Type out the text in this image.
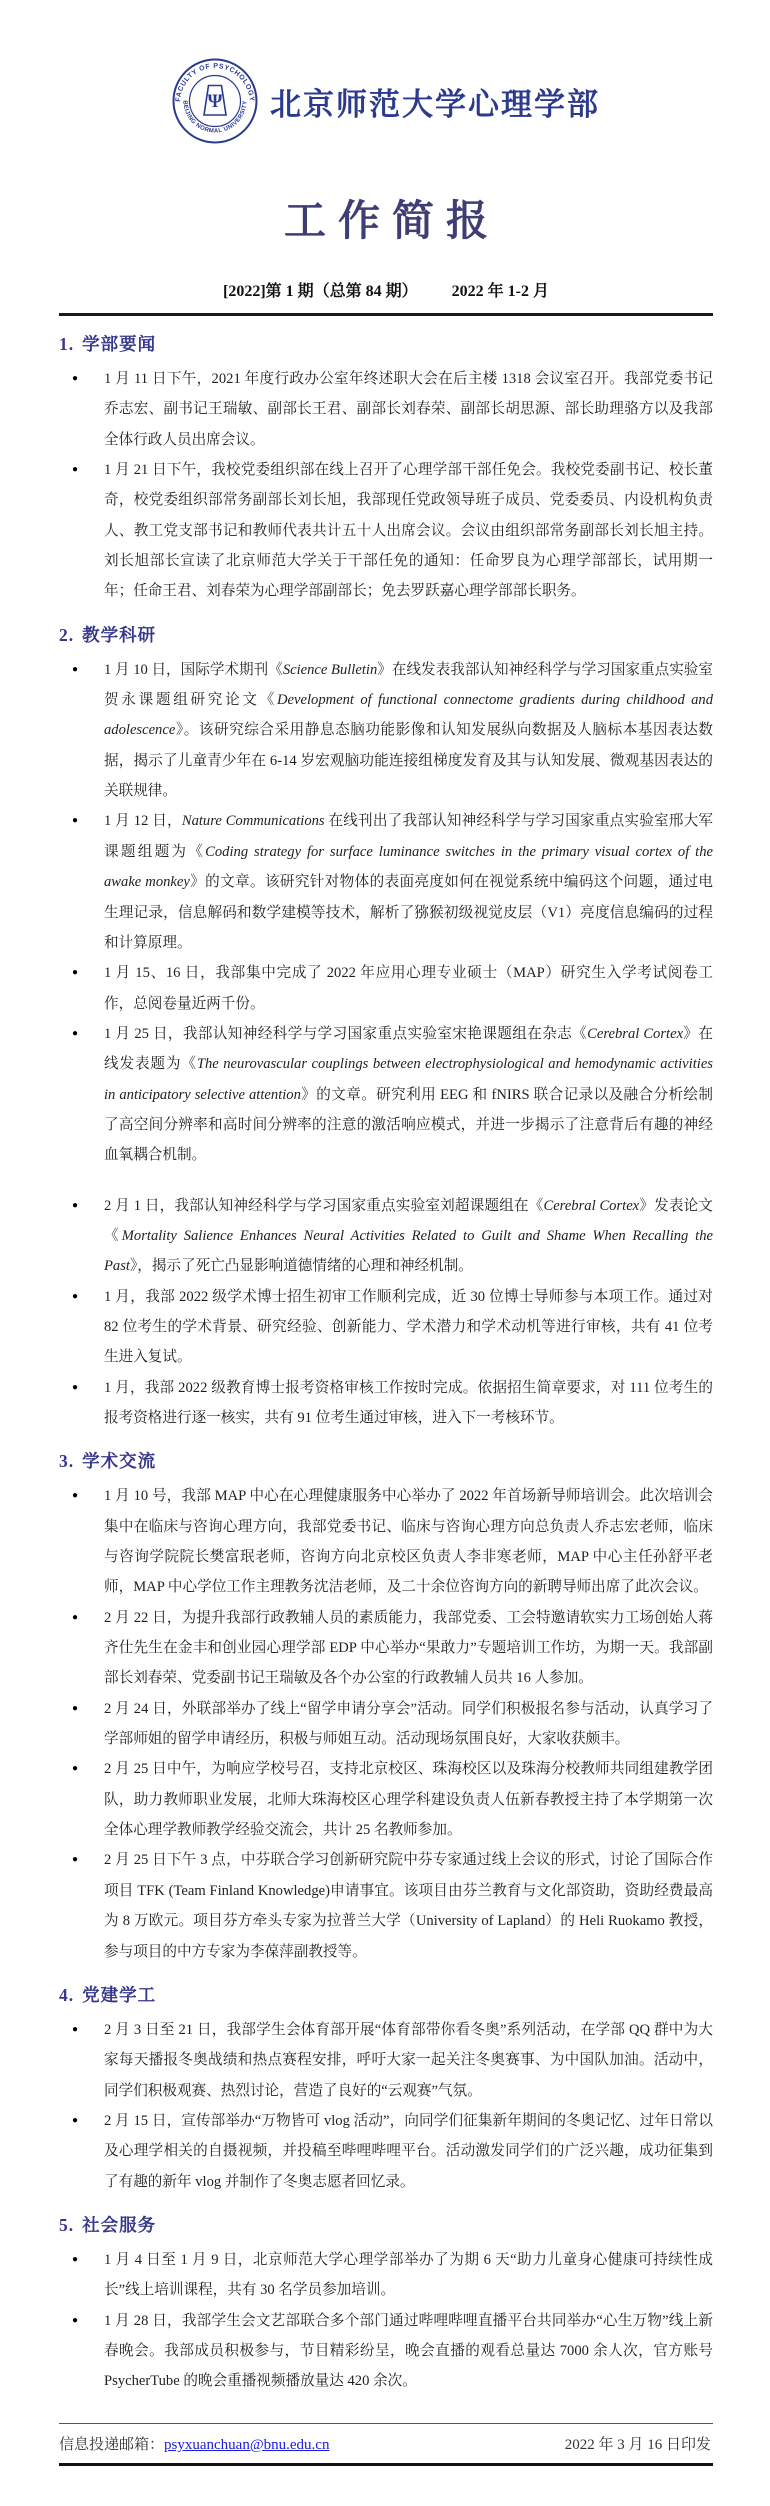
FACULTY OF PSYCHOLOGY
BEIJING NORMAL UNIVERSITY
Ψ 北京师范大学心理学部
工作简报
[2022]第 1 期（总第 84 期） 2022 年 1-2 月
1. 学部要闻
● 1 月 11 日下午，2021 年度行政办公室年终述职大会在后主楼 1318 会议室召开。我部党委书记乔志宏、副书记王瑞敏、副部长王君、副部长刘春荣、副部长胡思源、部长助理骆方以及我部全体行政人员出席会议。
● 1 月 21 日下午，我校党委组织部在线上召开了心理学部干部任免会。我校党委副书记、校长董奇，校党委组织部常务副部长刘长旭，我部现任党政领导班子成员、党委委员、内设机构负责人、教工党支部书记和教师代表共计五十人出席会议。会议由组织部常务副部长刘长旭主持。刘长旭部长宣读了北京师范大学关于干部任免的通知：任命罗良为心理学部部长，试用期一年；任命王君、刘春荣为心理学部副部长；免去罗跃嘉心理学部部长职务。
2. 教学科研
● 1 月 10 日，国际学术期刊《Science Bulletin》在线发表我部认知神经科学与学习国家重点实验室贺永课题组研究论文《Development of functional connectome gradients during childhood and adolescence》。该研究综合采用静息态脑功能影像和认知发展纵向数据及人脑标本基因表达数据，揭示了儿童青少年在 6-14 岁宏观脑功能连接组梯度发育及其与认知发展、微观基因表达的关联规律。
● 1 月 12 日，Nature Communications 在线刊出了我部认知神经科学与学习国家重点实验室邢大军课题组题为《Coding strategy for surface luminance switches in the primary visual cortex of the awake monkey》的文章。该研究针对物体的表面亮度如何在视觉系统中编码这个问题，通过电生理记录，信息解码和数学建模等技术，解析了猕猴初级视觉皮层（V1）亮度信息编码的过程和计算原理。
● 1 月 15、16 日，我部集中完成了 2022 年应用心理专业硕士（MAP）研究生入学考试阅卷工作，总阅卷量近两千份。
● 1 月 25 日，我部认知神经科学与学习国家重点实验室宋艳课题组在杂志《Cerebral Cortex》在线发表题为《The neurovascular couplings between electrophysiological and hemodynamic activities in anticipatory selective attention》的文章。研究利用 EEG 和 fNIRS 联合记录以及融合分析绘制了高空间分辨率和高时间分辨率的注意的激活响应模式，并进一步揭示了注意背后有趣的神经血氧耦合机制。
● 2 月 1 日，我部认知神经科学与学习国家重点实验室刘超课题组在《Cerebral Cortex》发表论文《Mortality Salience Enhances Neural Activities Related to Guilt and Shame When Recalling the Past》，揭示了死亡凸显影响道德情绪的心理和神经机制。
● 1 月，我部 2022 级学术博士招生初审工作顺利完成，近 30 位博士导师参与本项工作。通过对 82 位考生的学术背景、研究经验、创新能力、学术潜力和学术动机等进行审核，共有 41 位考生进入复试。
● 1 月，我部 2022 级教育博士报考资格审核工作按时完成。依据招生简章要求，对 111 位考生的报考资格进行逐一核实，共有 91 位考生通过审核，进入下一考核环节。
3. 学术交流
● 1 月 10 号，我部 MAP 中心在心理健康服务中心举办了 2022 年首场新导师培训会。此次培训会集中在临床与咨询心理方向，我部党委书记、临床与咨询心理方向总负责人乔志宏老师，临床与咨询学院院长樊富珉老师，咨询方向北京校区负责人李非寒老师，MAP 中心主任孙舒平老师，MAP 中心学位工作主理教务沈洁老师，及二十余位咨询方向的新聘导师出席了此次会议。
● 2 月 22 日，为提升我部行政教辅人员的素质能力，我部党委、工会特邀请软实力工场创始人蒋齐仕先生在金丰和创业园心理学部 EDP 中心举办“果敢力”专题培训工作坊，为期一天。我部副部长刘春荣、党委副书记王瑞敏及各个办公室的行政教辅人员共 16 人参加。
● 2 月 24 日，外联部举办了线上“留学申请分享会”活动。同学们积极报名参与活动，认真学习了学部师姐的留学申请经历，积极与师姐互动。活动现场氛围良好，大家收获颇丰。
● 2 月 25 日中午，为响应学校号召，支持北京校区、珠海校区以及珠海分校教师共同组建教学团队，助力教师职业发展，北师大珠海校区心理学科建设负责人伍新春教授主持了本学期第一次全体心理学教师教学经验交流会，共计 25 名教师参加。
● 2 月 25 日下午 3 点，中芬联合学习创新研究院中芬专家通过线上会议的形式，讨论了国际合作项目 TFK (Team Finland Knowledge)申请事宜。该项目由芬兰教育与文化部资助，资助经费最高为 8 万欧元。项目芬方牵头专家为拉普兰大学（University of Lapland）的 Heli Ruokamo 教授，参与项目的中方专家为李葆萍副教授等。
4. 党建学工
● 2 月 3 日至 21 日，我部学生会体育部开展“体育部带你看冬奥”系列活动，在学部 QQ 群中为大家每天播报冬奥战绩和热点赛程安排，呼吁大家一起关注冬奥赛事、为中国队加油。活动中，同学们积极观赛、热烈讨论，营造了良好的“云观赛”气氛。
● 2 月 15 日，宣传部举办“万物皆可 vlog 活动”，向同学们征集新年期间的冬奥记忆、过年日常以及心理学相关的自摄视频，并投稿至哔哩哔哩平台。活动激发同学们的广泛兴趣，成功征集到了有趣的新年 vlog 并制作了冬奥志愿者回忆录。
5. 社会服务
● 1 月 4 日至 1 月 9 日，北京师范大学心理学部举办了为期 6 天“助力儿童身心健康可持续性成长”线上培训课程，共有 30 名学员参加培训。
● 1 月 28 日，我部学生会文艺部联合多个部门通过哔哩哔哩直播平台共同举办“心生万物”线上新春晚会。我部成员积极参与，节目精彩纷呈，晚会直播的观看总量达 7000 余人次，官方账号 PsycherTube 的晚会重播视频播放量达 420 余次。
信息投递邮箱：psyxuanchuan@bnu.edu.cn	2022 年 3 月 16 日印发
